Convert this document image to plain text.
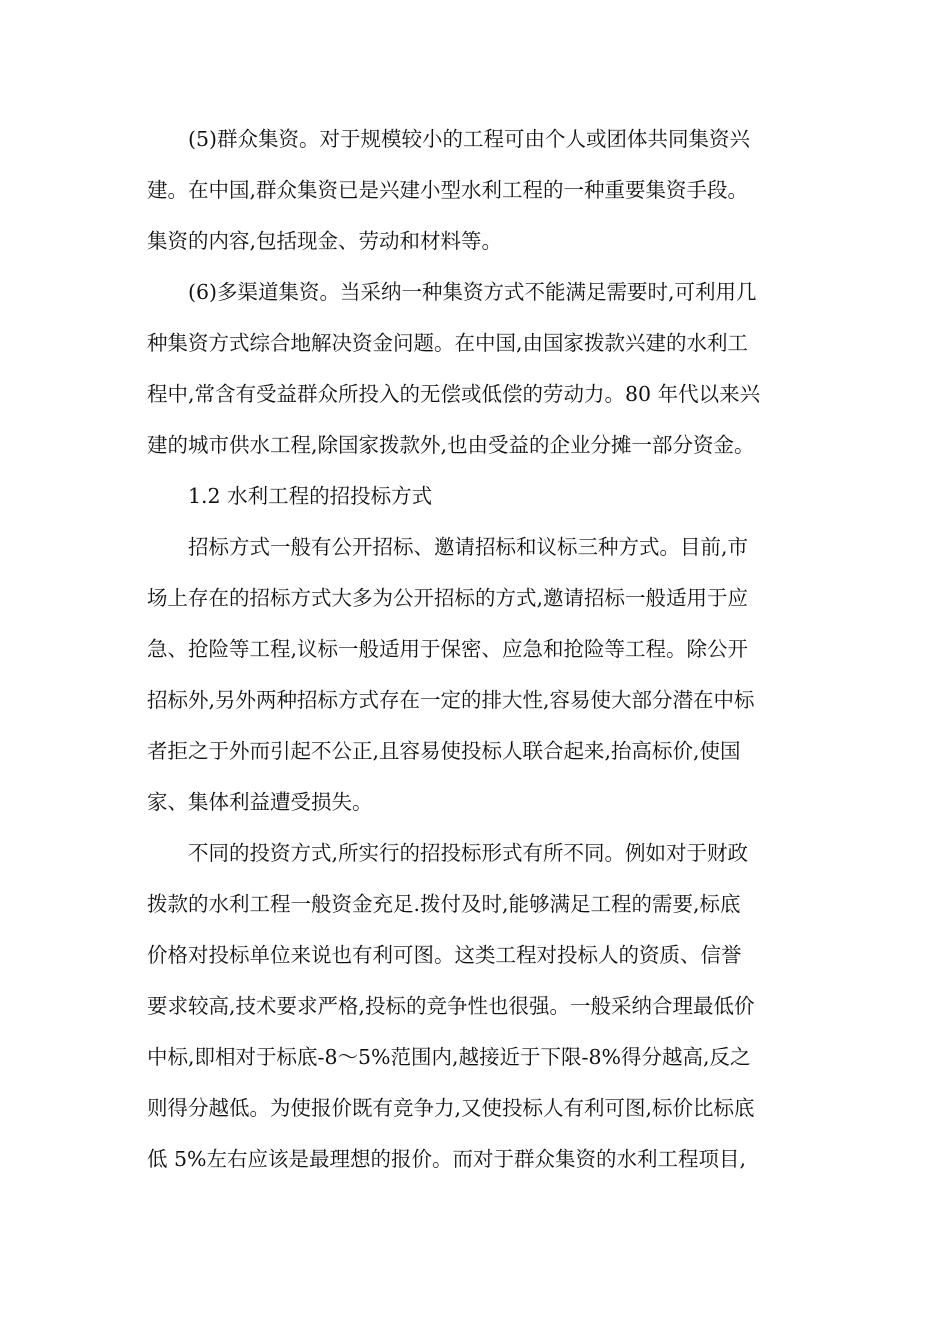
(5)群众集资。对于规模较小的工程可由个人或团体共同集资兴

建。在中国,群众集资已是兴建小型水利工程的一种重要集资手段。

集资的内容,包括现金、劳动和材料等。

(6)多渠道集资。当采纳一种集资方式不能满足需要时,可利用几

种集资方式综合地解决资金问题。在中国,由国家拨款兴建的水利工

程中,常含有受益群众所投入的无偿或低偿的劳动力。80 年代以来兴

建的城市供水工程,除国家拨款外,也由受益的企业分摊一部分资金。

1.2 水利工程的招投标方式

招标方式一般有公开招标、邀请招标和议标三种方式。目前,市

场上存在的招标方式大多为公开招标的方式,邀请招标一般适用于应

急、抢险等工程,议标一般适用于保密、应急和抢险等工程。除公开

招标外,另外两种招标方式存在一定的排大性,容易使大部分潜在中标

者拒之于外而引起不公正,且容易使投标人联合起来,抬高标价,使国

家、集体利益遭受损失。

不同的投资方式,所实行的招投标形式有所不同。例如对于财政

拨款的水利工程一般资金充足.拨付及时,能够满足工程的需要,标底

价格对投标单位来说也有利可图。这类工程对投标人的资质、信誉

要求较高,技术要求严格,投标的竞争性也很强。一般采纳合理最低价

中标,即相对于标底-8～5%范围内,越接近于下限-8%得分越高,反之

则得分越低。为使报价既有竞争力,又使投标人有利可图,标价比标底

低 5%左右应该是最理想的报价。而对于群众集资的水利工程项目,
